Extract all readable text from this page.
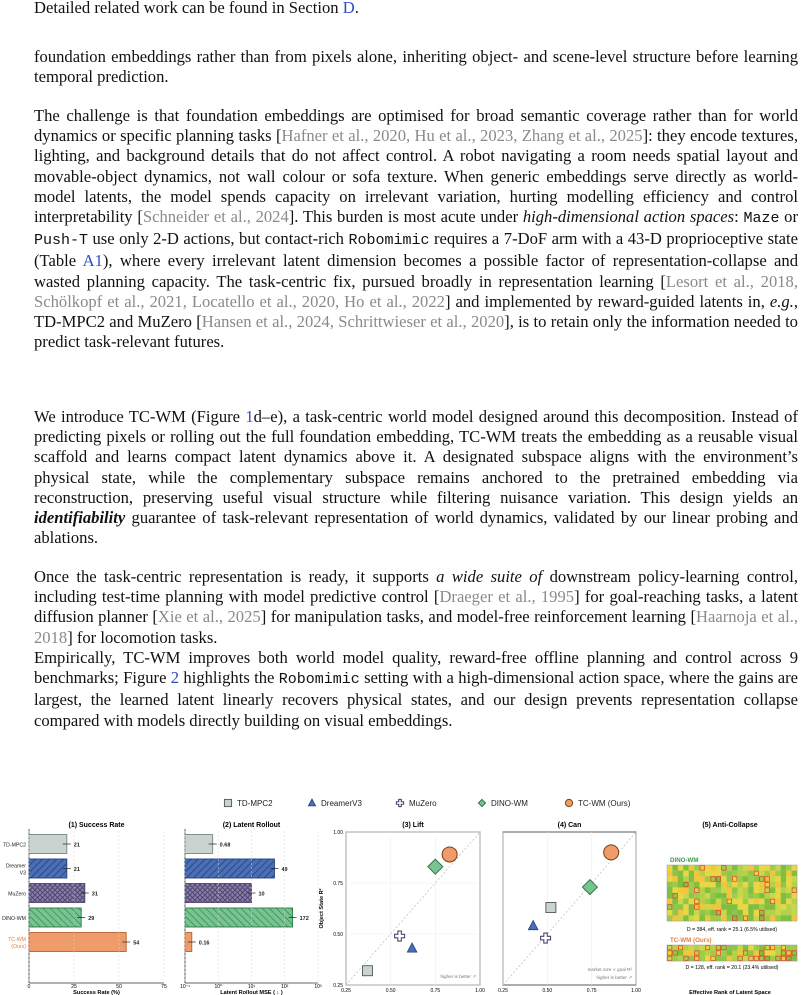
Detailed related work can be found in Section D.

foundation embeddings rather than from pixels alone, inheriting object- and scene-level structure before learning temporal prediction.

The challenge is that foundation embeddings are optimised for broad semantic coverage rather than for world dynamics or specific planning tasks [Hafner et al., 2020, Hu et al., 2023, Zhang et al., 2025]: they encode textures, lighting, and background details that do not affect control. A robot navigating a room needs spatial layout and movable-object dynamics, not wall colour or sofa texture. When generic embeddings serve directly as world-model latents, the model spends capacity on irrelevant variation, hurting modelling efficiency and control interpretability [Schneider et al., 2024]. This burden is most acute under high-dimensional action spaces: Maze or Push-T use only 2-D actions, but contact-rich Robomimic requires a 7-DoF arm with a 43-D proprioceptive state (Table A1), where every irrelevant latent dimension becomes a possible factor of representation-collapse and wasted planning capacity. The task-centric fix, pursued broadly in representation learning [Lesort et al., 2018, Schölkopf et al., 2021, Locatello et al., 2020, Ho et al., 2022] and implemented by reward-guided latents in, e.g., TD-MPC2 and MuZero [Hansen et al., 2024, Schrittwieser et al., 2020], is to retain only the information needed to predict task-relevant futures.

We introduce TC-WM (Figure 1d–e), a task-centric world model designed around this decomposition. Instead of predicting pixels or rolling out the full foundation embedding, TC-WM treats the embedding as a reusable visual scaffold and learns compact latent dynamics above it. A designated subspace aligns with the environment’s physical state, while the complementary subspace remains anchored to the pretrained embedding via reconstruction, preserving useful visual structure while filtering nuisance variation. This design yields an identifiability guarantee of task-relevant representation of world dynamics, validated by our linear probing and ablations.

Once the task-centric representation is ready, it supports a wide suite of downstream policy-learning control, including test-time planning with model predictive control [Draeger et al., 1995] for goal-reaching tasks, a latent diffusion planner [Xie et al., 2025] for manipulation tasks, and model-free reinforcement learning [Haarnoja et al., 2018] for locomotion tasks.

Empirically, TC-WM improves both world model quality, reward-free offline planning and control across 9 benchmarks; Figure 2 highlights the Robomimic setting with a high-dimensional action space, where the gains are largest, the learned latent linearly recovers physical states, and our design prevents representation collapse compared with models directly building on visual embeddings.

TD-MPC2	DreamerV3	MuZero	DINO-WM	TC-WM (Ours)
(1) Success Rate
TD-MPC2	21
Dreamer
V3
21
MuZero	31
DINO-WM	29
TC-WM
(Ours)
54
Success Rate (%)
0	25	50	75
(2) Latent Rollout
0.68
49
10
172
0.16
Latent Rollout MSE ( ↓ )
10⁻¹	10⁰	10¹	10²	10³
(3) Lift
0.25	0.50	0.75	1.00
0.25
0.50
0.75
1.00
Object State R²
higher is better ↗
(4) Can
0.25	0.50	0.75	1.00
marker size ∝ goal R²
higher is better ↗
(5) Anti-Collapse
DINO-WM
D = 384, eff. rank = 25.1 (6.5% utilised)
TC-WM (Ours)
D = 128, eff. rank = 20.1 (23.4% utilised)
Effective Rank of Latent Space
